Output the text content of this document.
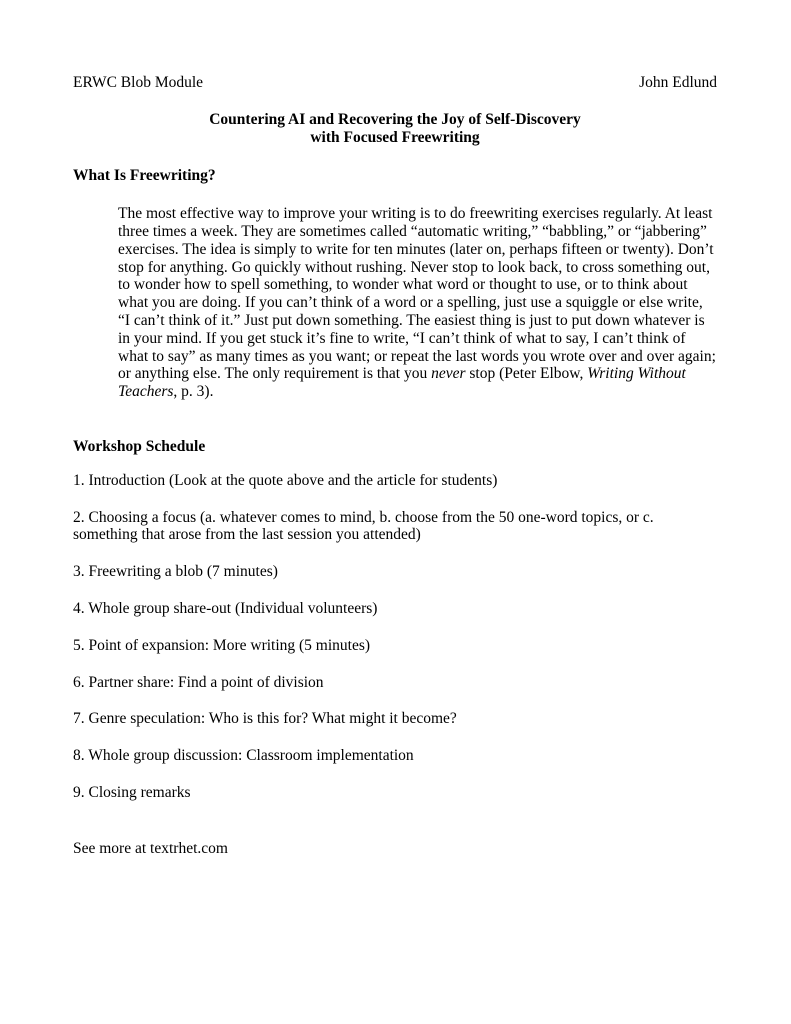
ERWC Blob Module	John Edlund
Countering AI and Recovering the Joy of Self-Discovery
with Focused Freewriting
What Is Freewriting?

The most effective way to improve your writing is to do freewriting exercises regularly. At least three times a week. They are sometimes called “automatic writing,” “babbling,” or “jabbering” exercises. The idea is simply to write for ten minutes (later on, perhaps fifteen or twenty). Don’t stop for anything. Go quickly without rushing. Never stop to look back, to cross something out, to wonder how to spell something, to wonder what word or thought to use, or to think about what you are doing. If you can’t think of a word or a spelling, just use a squiggle or else write, “I can’t think of it.” Just put down something. The easiest thing is just to put down whatever is in your mind. If you get stuck it’s fine to write, “I can’t think of what to say, I can’t think of what to say” as many times as you want; or repeat the last words you wrote over and over again; or anything else. The only requirement is that you never stop (Peter Elbow, Writing Without Teachers, p. 3).

Workshop Schedule

1. Introduction (Look at the quote above and the article for students)

2. Choosing a focus (a. whatever comes to mind, b. choose from the 50 one-word topics, or c. something that arose from the last session you attended)

3. Freewriting a blob (7 minutes)

4. Whole group share-out (Individual volunteers)

5. Point of expansion: More writing (5 minutes)

6. Partner share: Find a point of division

7. Genre speculation: Who is this for? What might it become?

8. Whole group discussion: Classroom implementation

9. Closing remarks

See more at textrhet.com
